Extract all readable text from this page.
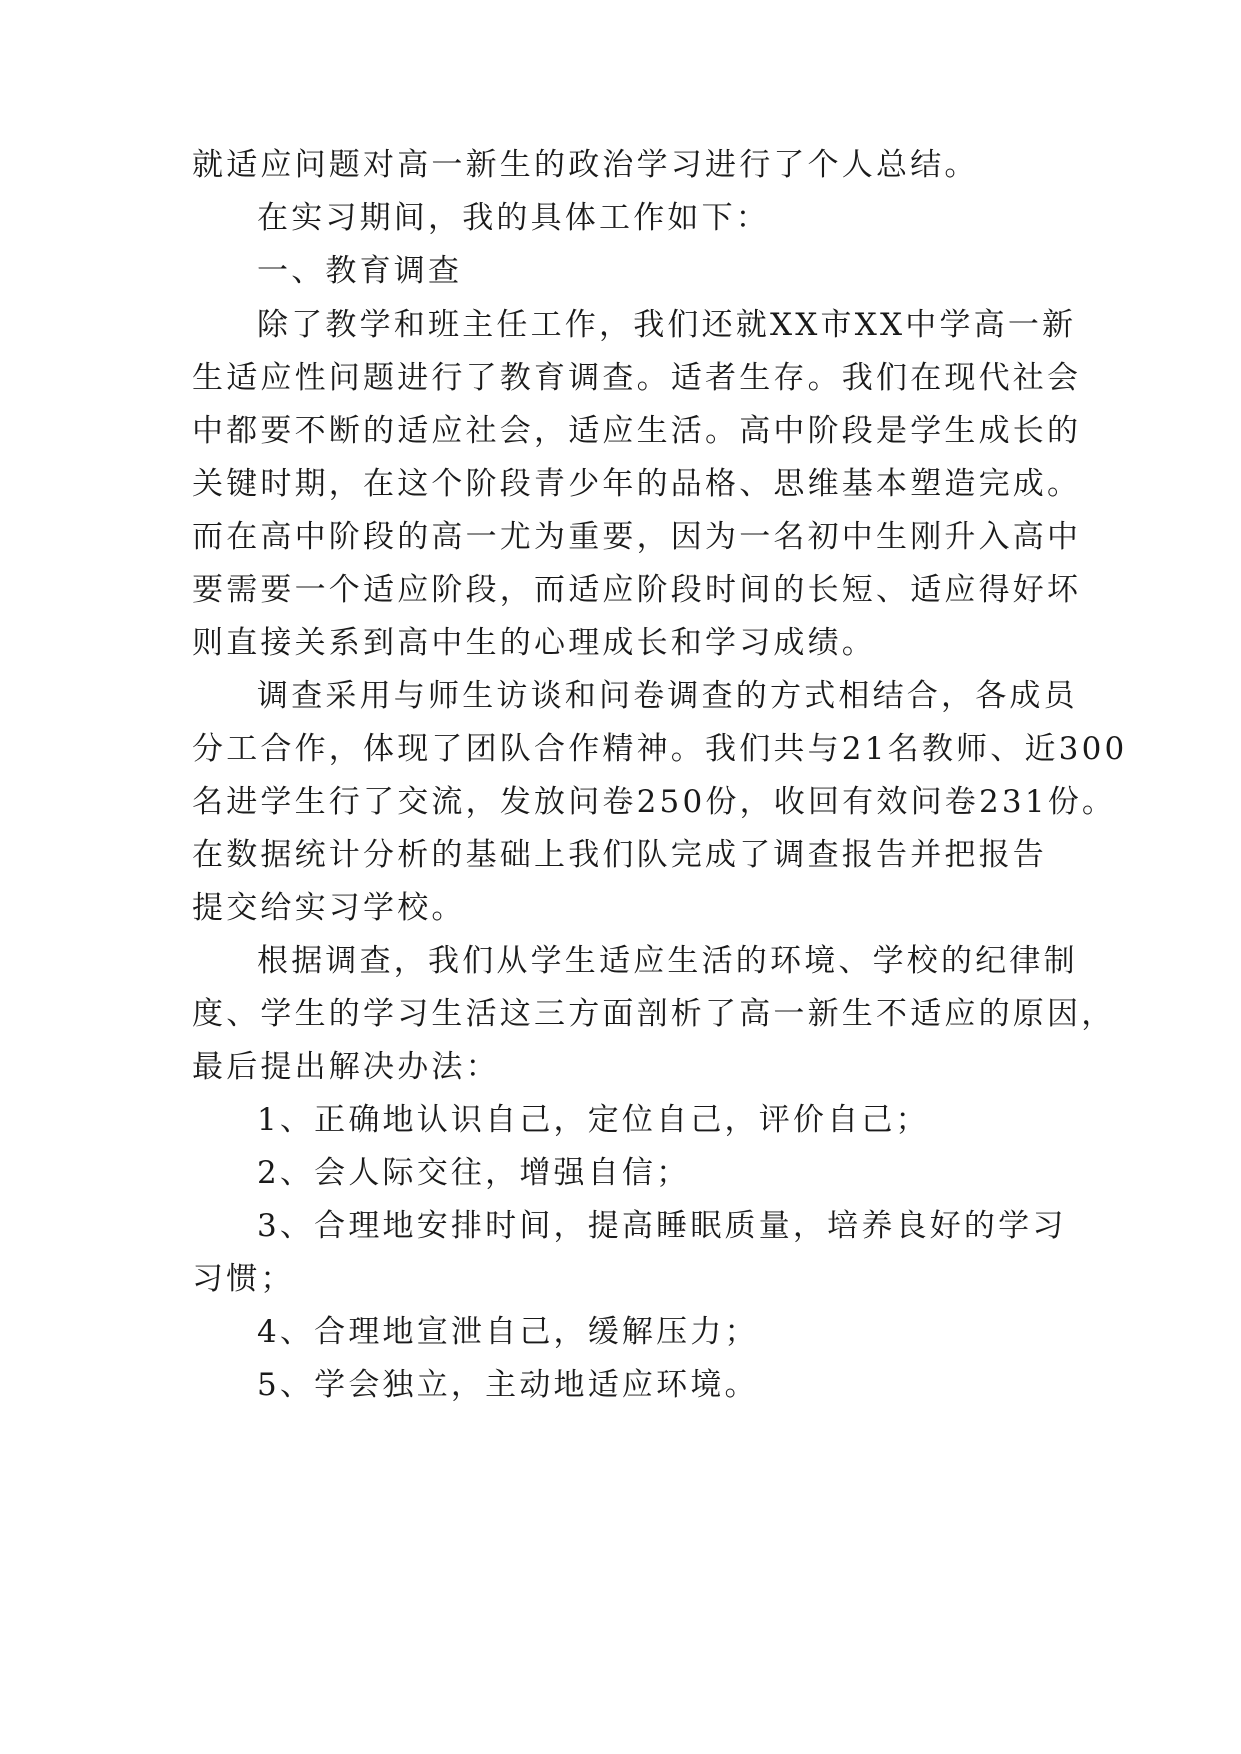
就适应问题对高一新生的政治学习进行了个人总结。
在实习期间，我的具体工作如下：
一、教育调查
除了教学和班主任工作，我们还就XX市XX中学高一新
生适应性问题进行了教育调查。适者生存。我们在现代社会
中都要不断的适应社会，适应生活。高中阶段是学生成长的
关键时期，在这个阶段青少年的品格、思维基本塑造完成。
而在高中阶段的高一尤为重要，因为一名初中生刚升入高中
要需要一个适应阶段，而适应阶段时间的长短、适应得好坏
则直接关系到高中生的心理成长和学习成绩。
调查采用与师生访谈和问卷调查的方式相结合，各成员
分工合作，体现了团队合作精神。我们共与21名教师、近300
名进学生行了交流，发放问卷250份，收回有效问卷231份。
在数据统计分析的基础上我们队完成了调查报告并把报告
提交给实习学校。
根据调查，我们从学生适应生活的环境、学校的纪律制
度、学生的学习生活这三方面剖析了高一新生不适应的原因，
最后提出解决办法：
1、正确地认识自己，定位自己，评价自己；
2、会人际交往，增强自信；
3、合理地安排时间，提高睡眠质量，培养良好的学习
习惯；
4、合理地宣泄自己，缓解压力；
5、学会独立，主动地适应环境。
